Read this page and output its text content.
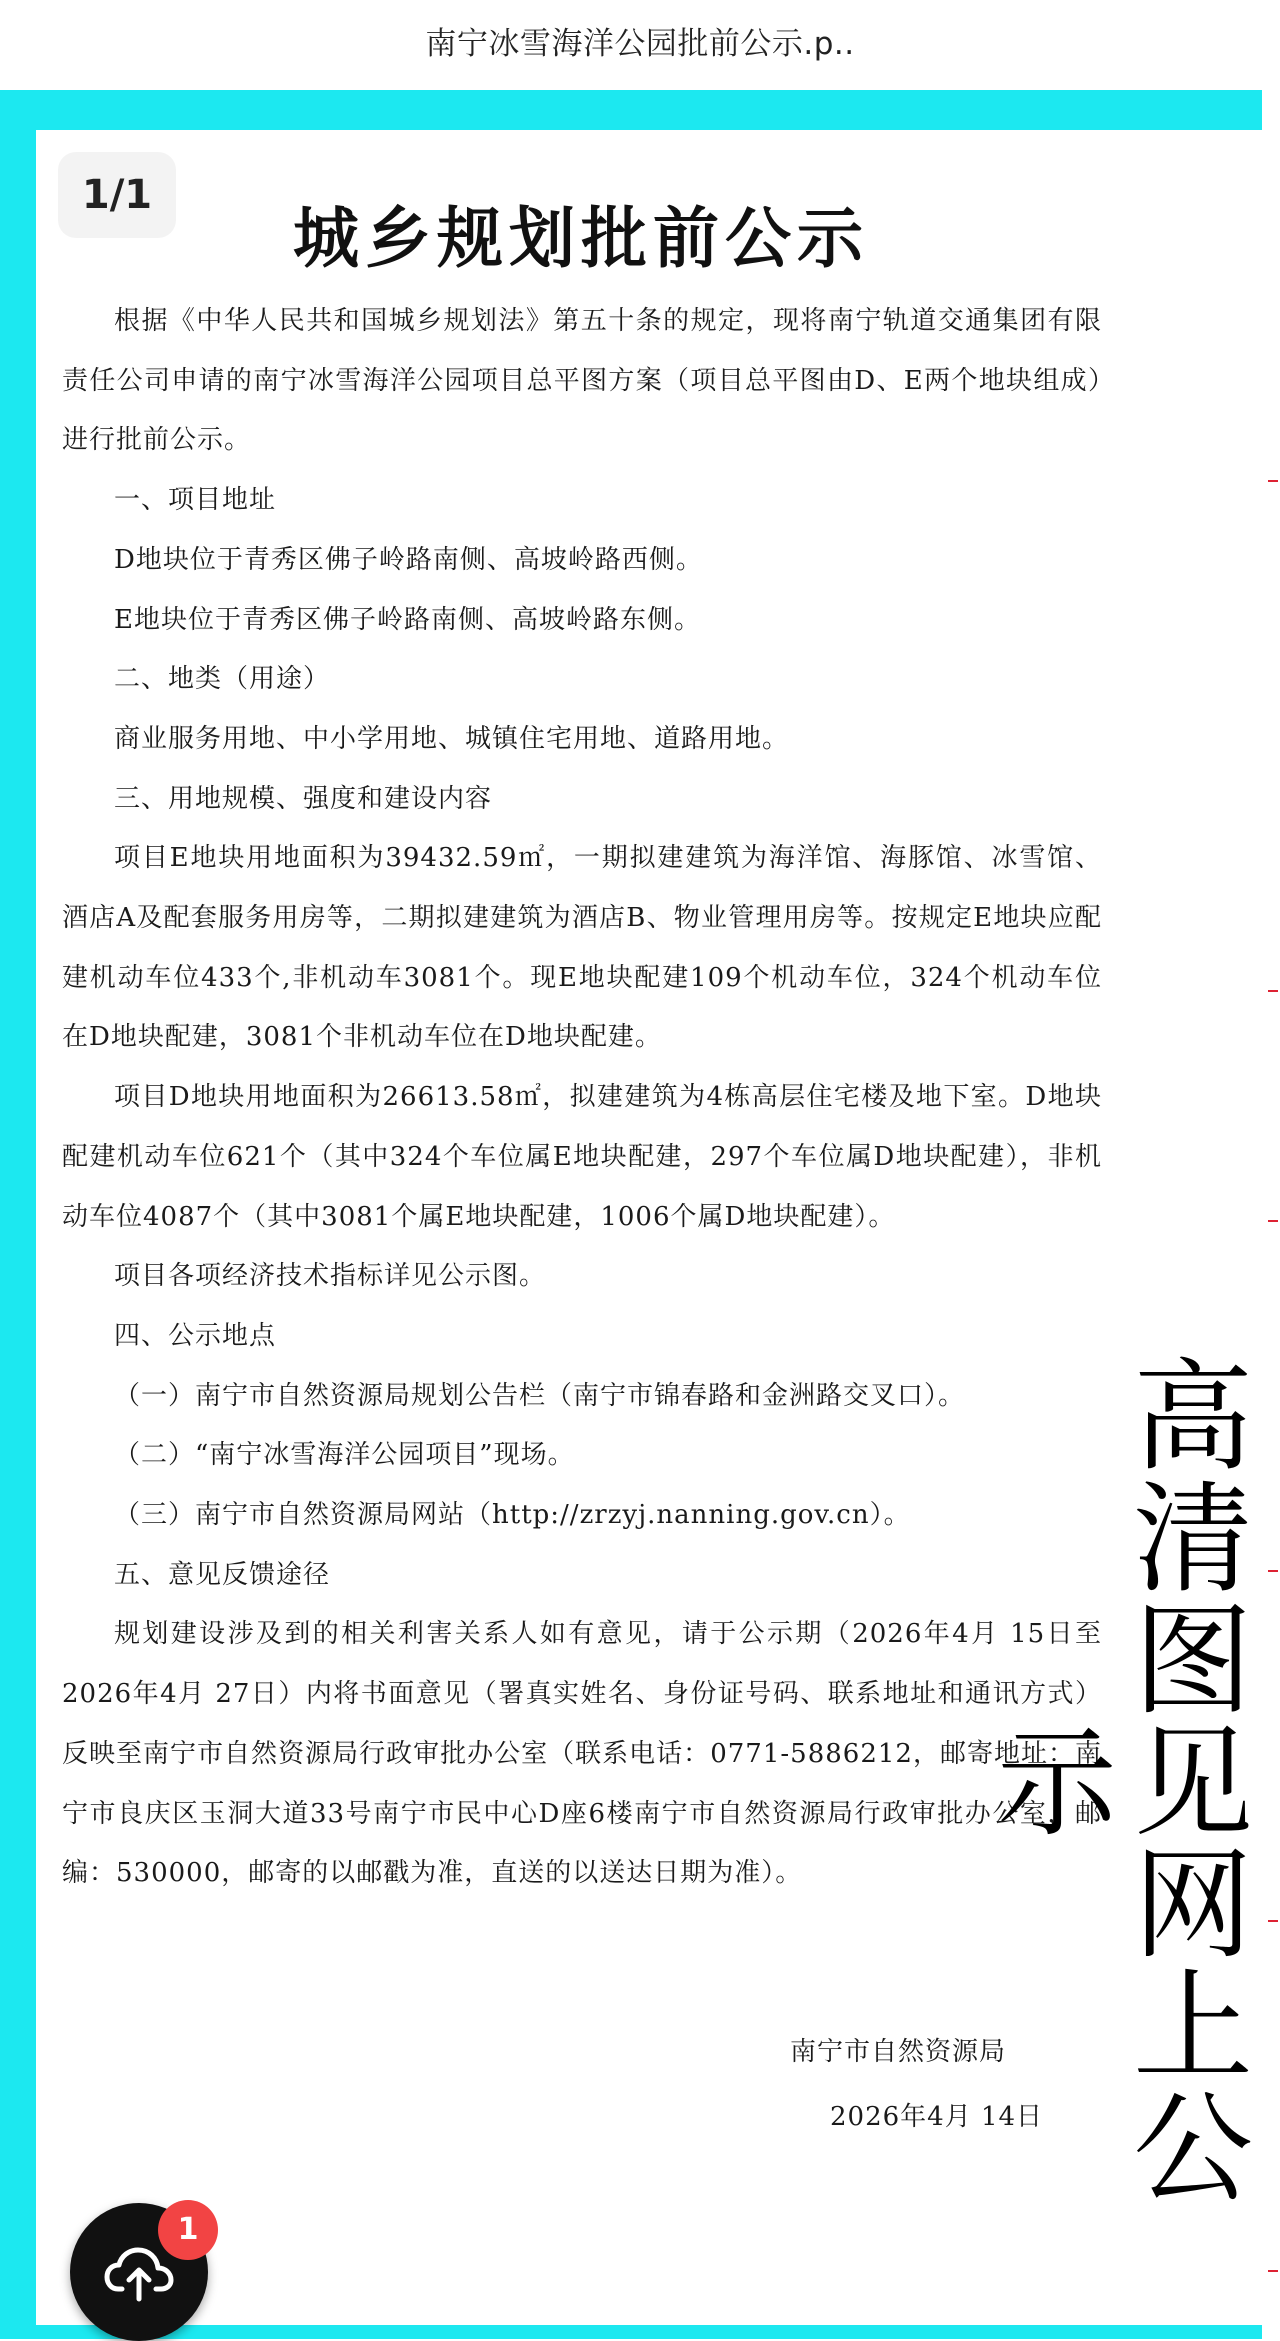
南宁冰雪海洋公园批前公示.p..
1/1
城乡规划批前公示

根据《中华人民共和国城乡规划法》第五十条的规定，现将南宁轨道交通集团有限责任公司申请的南宁冰雪海洋公园项目总平图方案（项目总平图由D、E两个地块组成）进行批前公示。

一、项目地址

D地块位于青秀区佛子岭路南侧、高坡岭路西侧。

E地块位于青秀区佛子岭路南侧、高坡岭路东侧。

二、地类（用途）

商业服务用地、中小学用地、城镇住宅用地、道路用地。

三、用地规模、强度和建设内容

项目E地块用地面积为39432.59㎡，一期拟建建筑为海洋馆、海豚馆、冰雪馆、酒店A及配套服务用房等，二期拟建建筑为酒店B、物业管理用房等。按规定E地块应配建机动车位433个,非机动车3081个。现E地块配建109个机动车位，324个机动车位在D地块配建，3081个非机动车位在D地块配建。

项目D地块用地面积为26613.58㎡，拟建建筑为4栋高层住宅楼及地下室。D地块配建机动车位621个（其中324个车位属E地块配建，297个车位属D地块配建），非机动车位4087个（其中3081个属E地块配建，1006个属D地块配建）。

项目各项经济技术指标详见公示图。

四、公示地点

（一）南宁市自然资源局规划公告栏（南宁市锦春路和金洲路交叉口）。

（二）“南宁冰雪海洋公园项目”现场。

（三）南宁市自然资源局网站（http://zrzyj.nanning.gov.cn）。

五、意见反馈途径

规划建设涉及到的相关利害关系人如有意见，请于公示期（2026年4月 15日至2026年4月 27日）内将书面意见（署真实姓名、身份证号码、联系地址和通讯方式）反映至南宁市自然资源局行政审批办公室（联系电话：0771-5886212，邮寄地址：南宁市良庆区玉洞大道33号南宁市民中心D座6楼南宁市自然资源局行政审批办公室，邮编：530000，邮寄的以邮戳为准，直送的以送达日期为准）。

南宁市自然资源局
2026年4月 14日 高清图见网上公示
1
